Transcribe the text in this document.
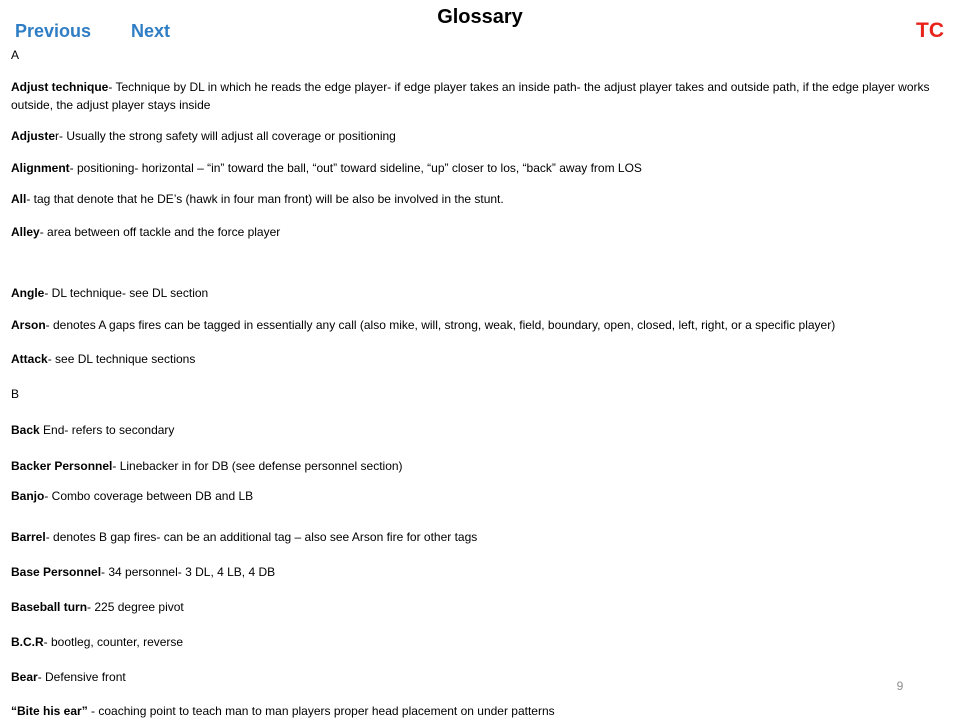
Previous Next
Glossary
TC
A
Adjust technique- Technique by DL in which he reads the edge player- if edge player takes an inside path- the adjust player takes and outside path, if the edge player works outside, the adjust player stays inside
Adjuster- Usually the strong safety will adjust all coverage or positioning
Alignment- positioning- horizontal – “in” toward the ball, “out” toward sideline, “up” closer to los, “back” away from LOS
All- tag that denote that he DE’s (hawk in four man front) will be also be involved in the stunt.
Alley- area between off tackle and the force player
Angle- DL technique- see DL section
Arson- denotes A gaps fires can be tagged in essentially any call (also mike, will, strong, weak, field, boundary, open, closed, left, right, or a specific player)
Attack- see DL technique sections
B
Back End- refers to secondary
Backer Personnel- Linebacker in for DB (see defense personnel section)
Banjo- Combo coverage between DB and LB
Barrel- denotes B gap fires- can be an additional tag – also see Arson fire for other tags
Base Personnel- 34 personnel- 3 DL, 4 LB, 4 DB
Baseball turn- 225 degree pivot
B.C.R- bootleg, counter, reverse
Bear- Defensive front
“Bite his ear” - coaching point to teach man to man players proper head placement on under patterns
9
